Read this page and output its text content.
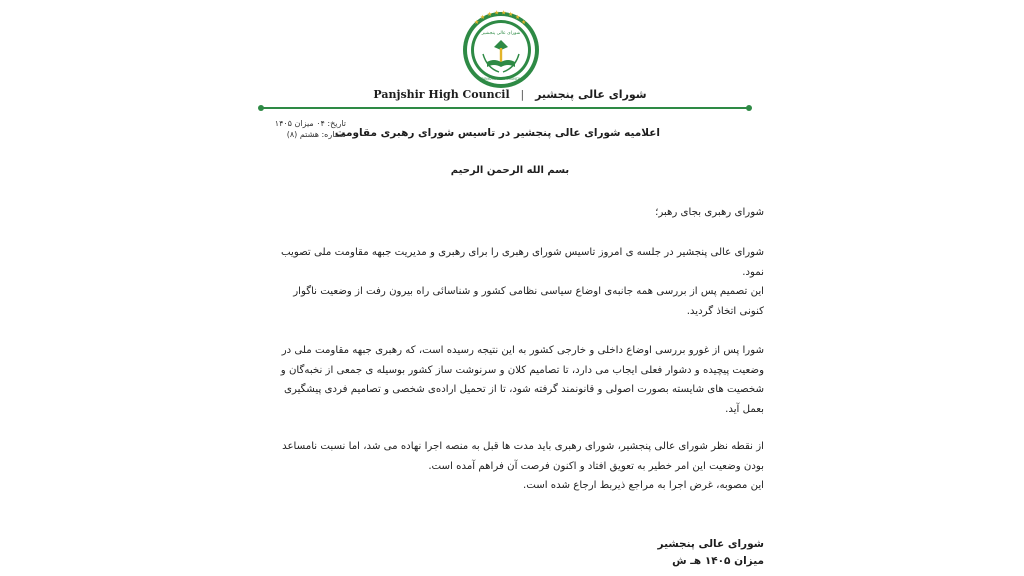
★
★ ★ ★ ★ ★ ★
★
شورای عالی پنجشیر
PANJSHIR HIGH COUNCIL
Panjshir High Council | شورای عالی پنجشیر
تاریخ: ۰۴ میزان ۱۴۰۵
شماره: هشتم (۸)
اعلامیه شورای عالی پنجشیر در تاسیس شورای رهبری مقاومت
بسم الله الرحمن الرحیم

شورای رهبری بجای رهبر؛

شورای عالی پنجشیر در جلسه ی امروز تاسیس شورای رهبری را برای رهبری و مدیریت جبهه مقاومت ملی تصویب نمود.

این تصمیم پس از بررسی همه جانبه‌ی اوضاع سیاسی نظامی کشور و شناسائی راه بیرون رفت از وضعیت ناگوار کنونی اتخاذ گردید.

شورا پس از غورو بررسی اوضاع داخلی و خارجی کشور به این نتیجه رسیده است، که رهبری جبهه مقاومت ملی در وضعیت پیچیده و دشوار فعلی ایجاب می دارد، تا تصامیم کلان و سرنوشت ساز کشور بوسیله ی جمعی از نخبه‌گان و شخصیت های شایسته بصورت اصولی و قانونمند گرفته شود، تا از تحمیل اراده‌ی شخصی و تصامیم فردی پیشگیری بعمل آید.

از نقطه نظر شورای عالی پنجشیر، شورای رهبری باید مدت ها قبل به منصه اجرا نهاده می شد، اما نسبت نامساعد بودن وضعیت این امر خطیر به تعویق افتاد و اکنون فرصت آن فراهم آمده است.

این مصوبه، غرض اجرا به مراجع ذیربط ارجاع شده است.

شورای عالی پنجشیر
میزان ۱۴۰۵ هـ ش
